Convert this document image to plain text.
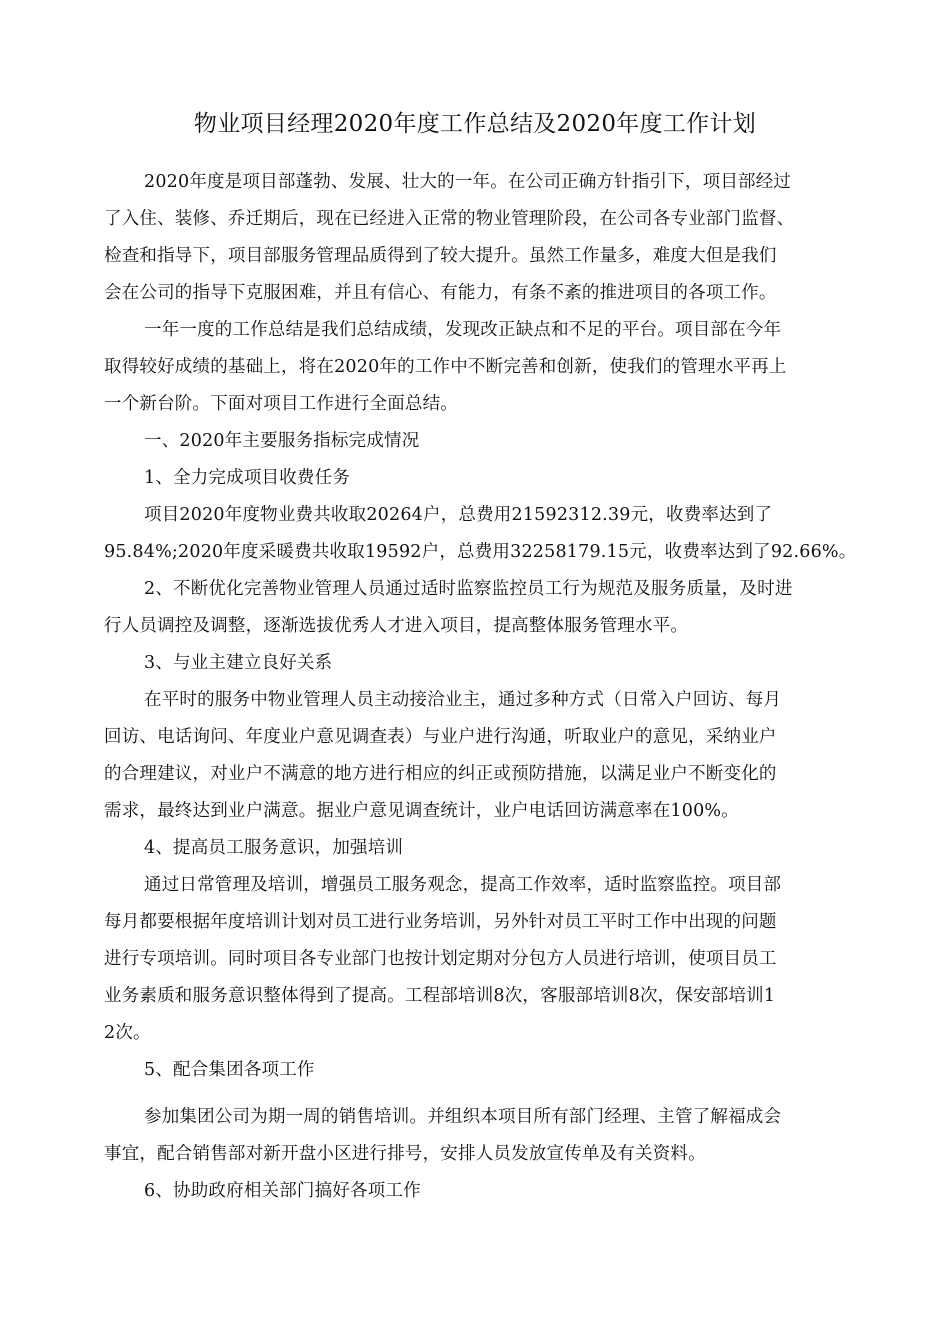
物业项目经理2020年度工作总结及2020年度工作计划
2020年度是项目部蓬勃、发展、壮大的一年。在公司正确方针指引下，项目部经过
了入住、装修、乔迁期后，现在已经进入正常的物业管理阶段，在公司各专业部门监督、
检查和指导下，项目部服务管理品质得到了较大提升。虽然工作量多，难度大但是我们
会在公司的指导下克服困难，并且有信心、有能力，有条不紊的推进项目的各项工作。
一年一度的工作总结是我们总结成绩，发现改正缺点和不足的平台。项目部在今年
取得较好成绩的基础上，将在2020年的工作中不断完善和创新，使我们的管理水平再上
一个新台阶。下面对项目工作进行全面总结。
一、2020年主要服务指标完成情况
1、全力完成项目收费任务
项目2020年度物业费共收取20264户，总费用21592312.39元，收费率达到了
95.84%;2020年度采暖费共收取19592户，总费用32258179.15元，收费率达到了92.66%。
2、不断优化完善物业管理人员通过适时监察监控员工行为规范及服务质量，及时进
行人员调控及调整，逐渐选拔优秀人才进入项目，提高整体服务管理水平。
3、与业主建立良好关系
在平时的服务中物业管理人员主动接洽业主，通过多种方式（日常入户回访、每月
回访、电话询问、年度业户意见调查表）与业户进行沟通，听取业户的意见，采纳业户
的合理建议，对业户不满意的地方进行相应的纠正或预防措施，以满足业户不断变化的
需求，最终达到业户满意。据业户意见调查统计，业户电话回访满意率在100%。
4、提高员工服务意识，加强培训
通过日常管理及培训，增强员工服务观念，提高工作效率，适时监察监控。项目部
每月都要根据年度培训计划对员工进行业务培训，另外针对员工平时工作中出现的问题
进行专项培训。同时项目各专业部门也按计划定期对分包方人员进行培训，使项目员工
业务素质和服务意识整体得到了提高。工程部培训8次，客服部培训8次，保安部培训1
2次。
5、配合集团各项工作
参加集团公司为期一周的销售培训。并组织本项目所有部门经理、主管了解福成会
事宜，配合销售部对新开盘小区进行排号，安排人员发放宣传单及有关资料。
6、协助政府相关部门搞好各项工作
